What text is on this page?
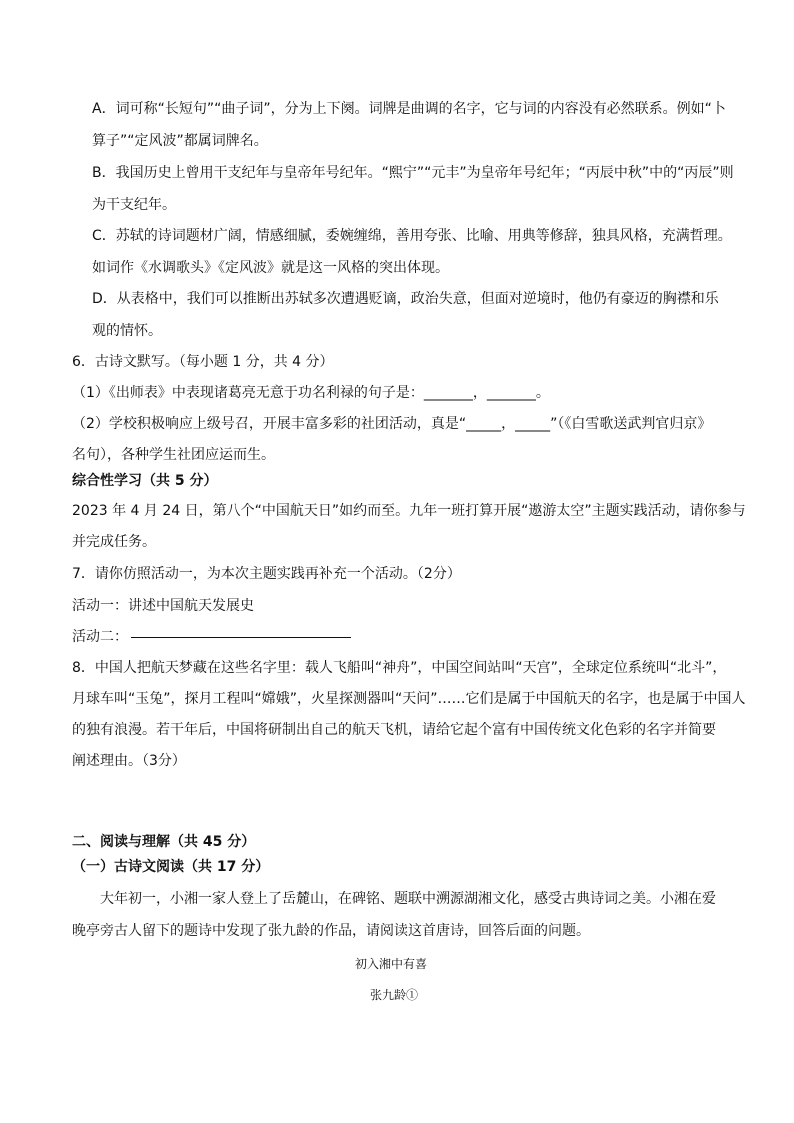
A．词可称“长短句”“曲子词”，分为上下阕。词牌是曲调的名字，它与词的内容没有必然联系。例如“卜
算子”“定风波”都属词牌名。
B．我国历史上曾用干支纪年与皇帝年号纪年。“熙宁”“元丰”为皇帝年号纪年；“丙辰中秋”中的“丙辰”则
为干支纪年。
C．苏轼的诗词题材广阔，情感细腻，委婉缠绵，善用夸张、比喻、用典等修辞，独具风格，充满哲理。
如词作《水调歌头》《定风波》就是这一风格的突出体现。
D．从表格中，我们可以推断出苏轼多次遭遇贬谪，政治失意，但面对逆境时，他仍有豪迈的胸襟和乐
观的情怀。
6．古诗文默写。（每小题 1 分，共 4 分）
（1）《出师表》中表现诸葛亮无意于功名利禄的句子是：_______，_______。
（2）学校积极响应上级号召，开展丰富多彩的社团活动，真是“_____，_____”（《白雪歌送武判官归京》
名句），各种学生社团应运而生。
综合性学习（共 5 分）
2023 年 4 月 24 日，第八个“中国航天日”如约而至。九年一班打算开展“遨游太空”主题实践活动，请你参与
并完成任务。
7．请你仿照活动一，为本次主题实践再补充一个活动。（2分）
活动一：讲述中国航天发展史
活动二：
8．中国人把航天梦藏在这些名字里：载人飞船叫“神舟”，中国空间站叫“天宫”，全球定位系统叫“北斗”，
月球车叫“玉兔”，探月工程叫“嫦娥”，火星探测器叫“天问”……它们是属于中国航天的名字，也是属于中国人
的独有浪漫。若干年后，中国将研制出自己的航天飞机，请给它起个富有中国传统文化色彩的名字并简要
阐述理由。（3分）
二、阅读与理解（共 45 分）
（一）古诗文阅读（共 17 分）
大年初一，小湘一家人登上了岳麓山，在碑铭、题联中溯源湖湘文化，感受古典诗词之美。小湘在爱
晚亭旁古人留下的题诗中发现了张九龄的作品，请阅读这首唐诗，回答后面的问题。
初入湘中有喜
张九龄①
